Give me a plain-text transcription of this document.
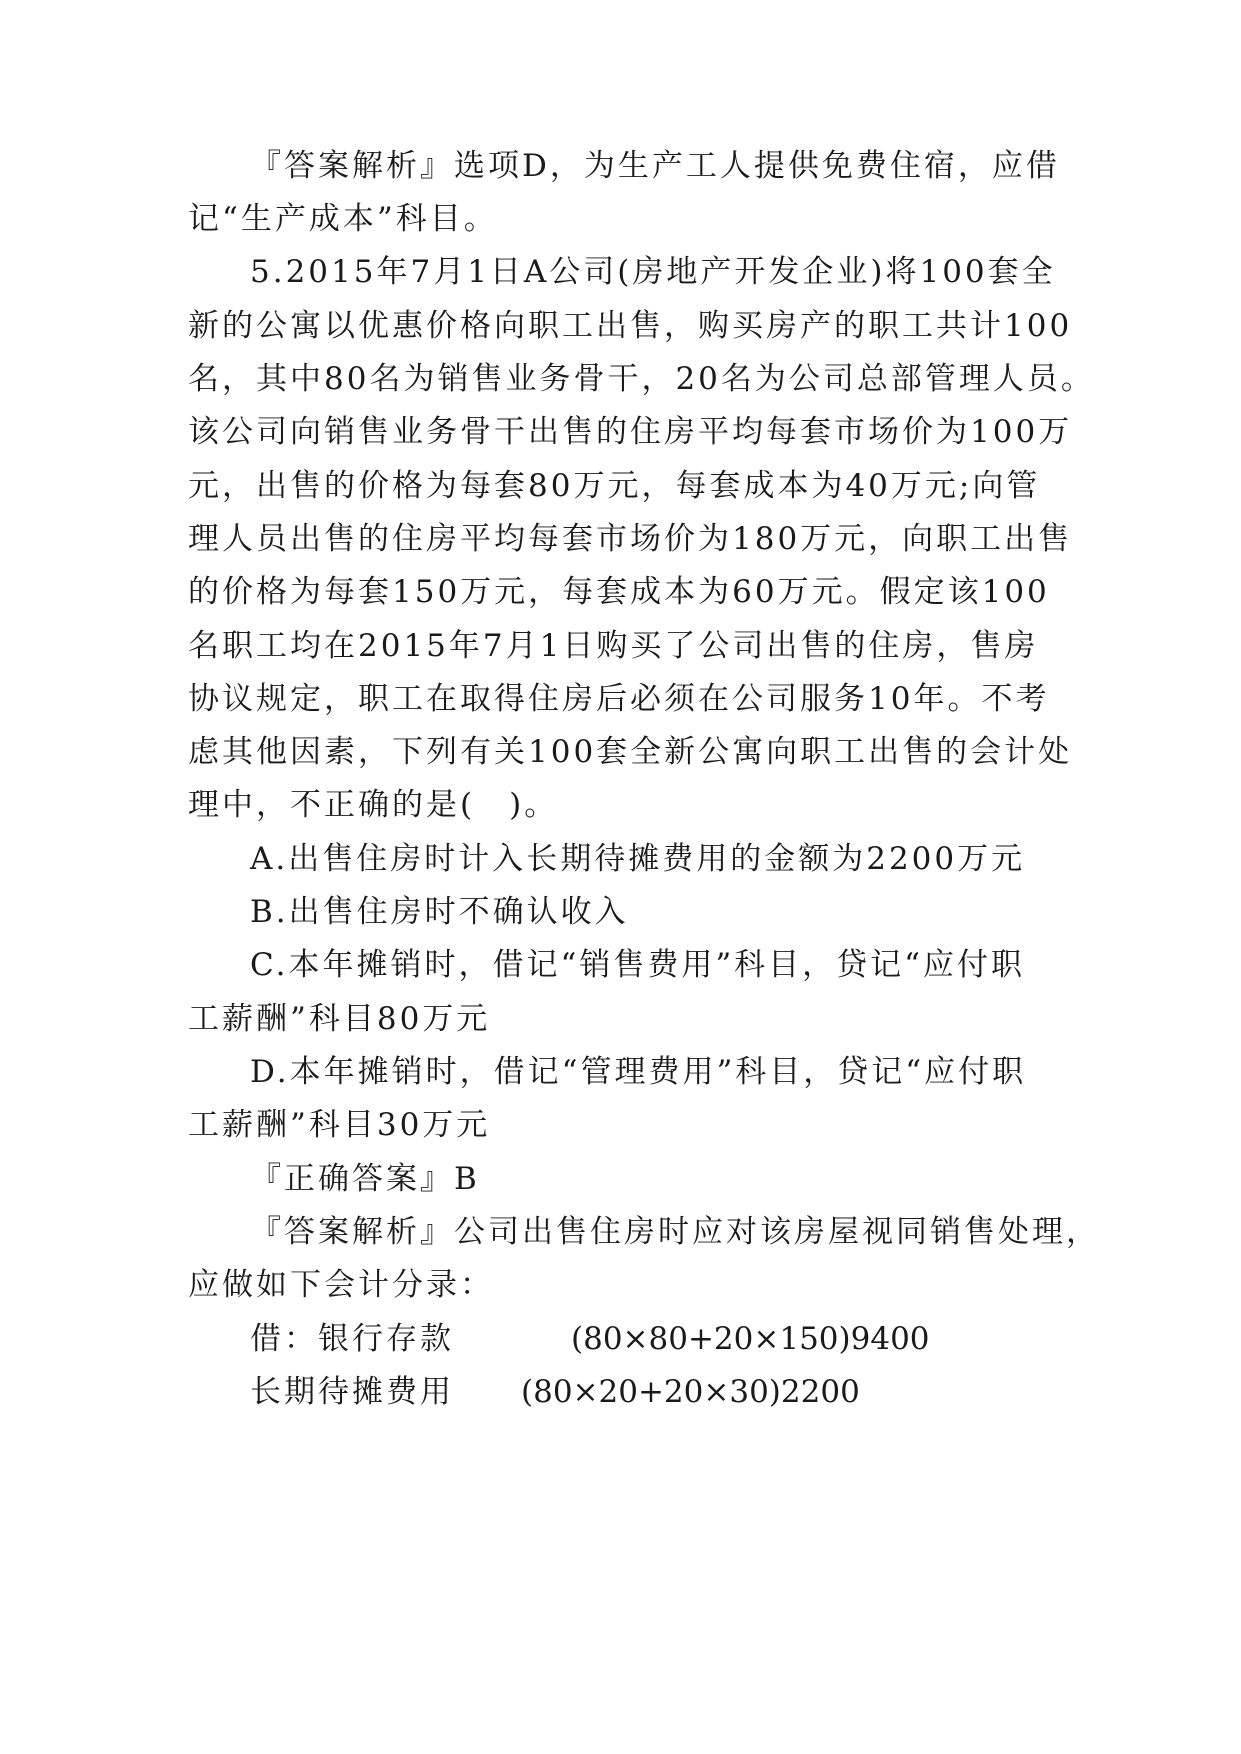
『答案解析』选项D，为生产工人提供免费住宿，应借
记“生产成本”科目。
5.2015年7月1日A公司(房地产开发企业)将100套全
新的公寓以优惠价格向职工出售，购买房产的职工共计100
名，其中80名为销售业务骨干，20名为公司总部管理人员。
该公司向销售业务骨干出售的住房平均每套市场价为100万
元，出售的价格为每套80万元，每套成本为40万元;向管
理人员出售的住房平均每套市场价为180万元，向职工出售
的价格为每套150万元，每套成本为60万元。假定该100
名职工均在2015年7月1日购买了公司出售的住房，售房
协议规定，职工在取得住房后必须在公司服务10年。不考
虑其他因素，下列有关100套全新公寓向职工出售的会计处
理中，不正确的是(　)。
A.出售住房时计入长期待摊费用的金额为2200万元
B.出售住房时不确认收入
C.本年摊销时，借记“销售费用”科目，贷记“应付职
工薪酬”科目80万元
D.本年摊销时，借记“管理费用”科目，贷记“应付职
工薪酬”科目30万元
『正确答案』B
『答案解析』公司出售住房时应对该房屋视同销售处理，
应做如下会计分录：
借：银行存款	(80×80+20×150)9400
长期待摊费用 (80×20+20×30)2200
